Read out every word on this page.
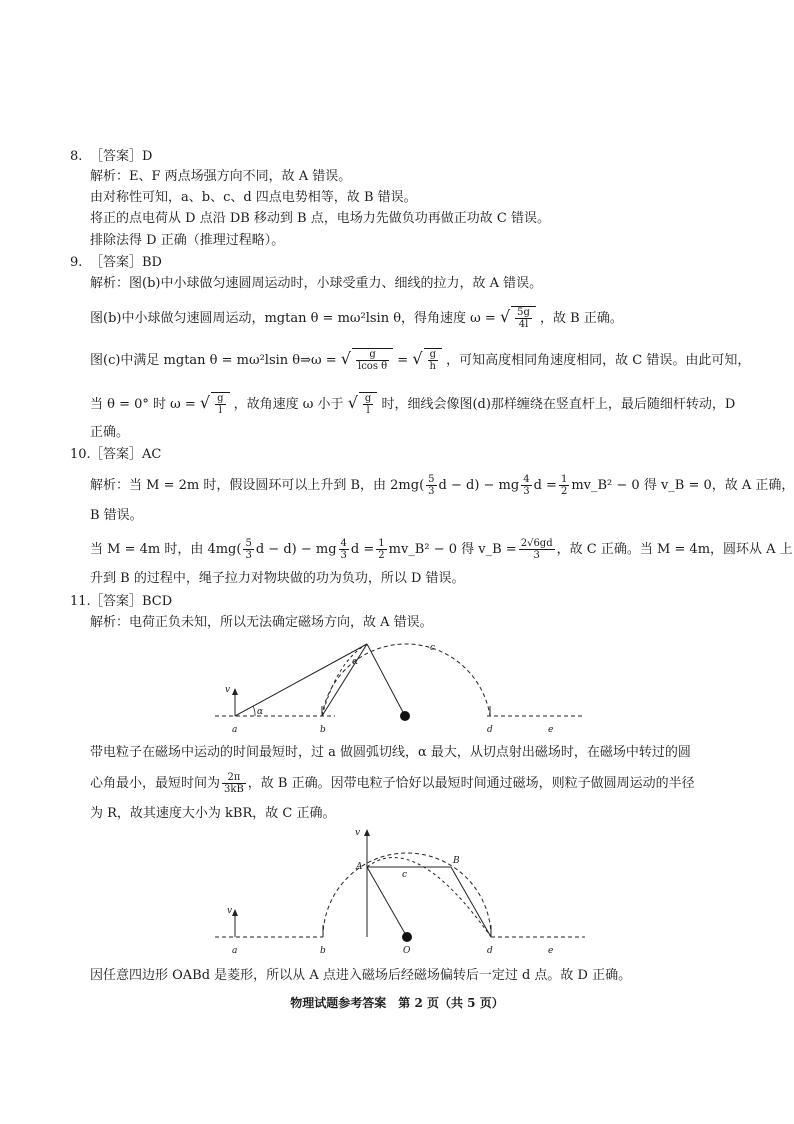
8. ［答案］D
解析：E、F 两点场强方向不同，故 A 错误。
由对称性可知，a、b、c、d 四点电势相等，故 B 错误。
将正的点电荷从 D 点沿 DB 移动到 B 点，电场力先做负功再做正功故 C 错误。
排除法得 D 正确（推理过程略）。
9. ［答案］BD
解析：图(b)中小球做匀速圆周运动时，小球受重力、细线的拉力，故 A 错误。
图(b)中小球做匀速圆周运动，mgtan θ = mω²lsin θ，得角速度 ω = √ $\frac{5g}{4l}$ ，故 B 正确。
图(c)中满足 mgtan θ = mω²lsin θ⇒ω = √ $\frac{g}{\text{lcos θ}}$ = √ $\frac{g}{h}$ ，可知高度相同角速度相同，故 C 错误。由此可知，
当 θ = 0° 时 ω = √ $\frac{g}{l}$ ，故角速度 ω 小于 √ $\frac{g}{l}$ 时，细线会像图(d)那样缠绕在竖直杆上，最后随细杆转动，D
正确。
10. ［答案］AC
解析：当 M = 2m 时，假设圆环可以上升到 B，由 $2mg( \frac{5}{3}$ d − d) − mg $\frac{4}{3}$ $d = \frac{1}{2}$ mv_B² − 0 得 v_B = 0，故 A 正确，
B 错误。
当 M = 4m 时，由 $4mg( \frac{5}{3}$ d − d) − mg $\frac{4}{3}$ $d = \frac{1}{2}$ mv_B² − 0 得 v_B = $\frac{2√6gd}{3}$ ，故 C 正确。当 M = 4m，圆环从 A 上
升到 B 的过程中，绳子拉力对物块做的功为负功，所以 D 错误。
11. ［答案］BCD
解析：电荷正负未知，所以无法确定磁场方向，故 A 错误。
v
α
α
a	b
c
d	e
带电粒子在磁场中运动的时间最短时，过 a 做圆弧切线，α 最大，从切点射出磁场时，在磁场中转过的圆
心角最小，最短时间为 $\frac{2\pi}{3kB}$ ，故 B 正确。因带电粒子恰好以最短时间通过磁场，则粒子做圆周运动的半径
为 R，故其速度大小为 kBR，故 C 正确。
v
v
A
B
c
a	b	O	d	e
因任意四边形 OABd 是菱形，所以从 A 点进入磁场后经磁场偏转后一定过 d 点。故 D 正确。
物理试题参考答案　第 2 页（共 5 页）
